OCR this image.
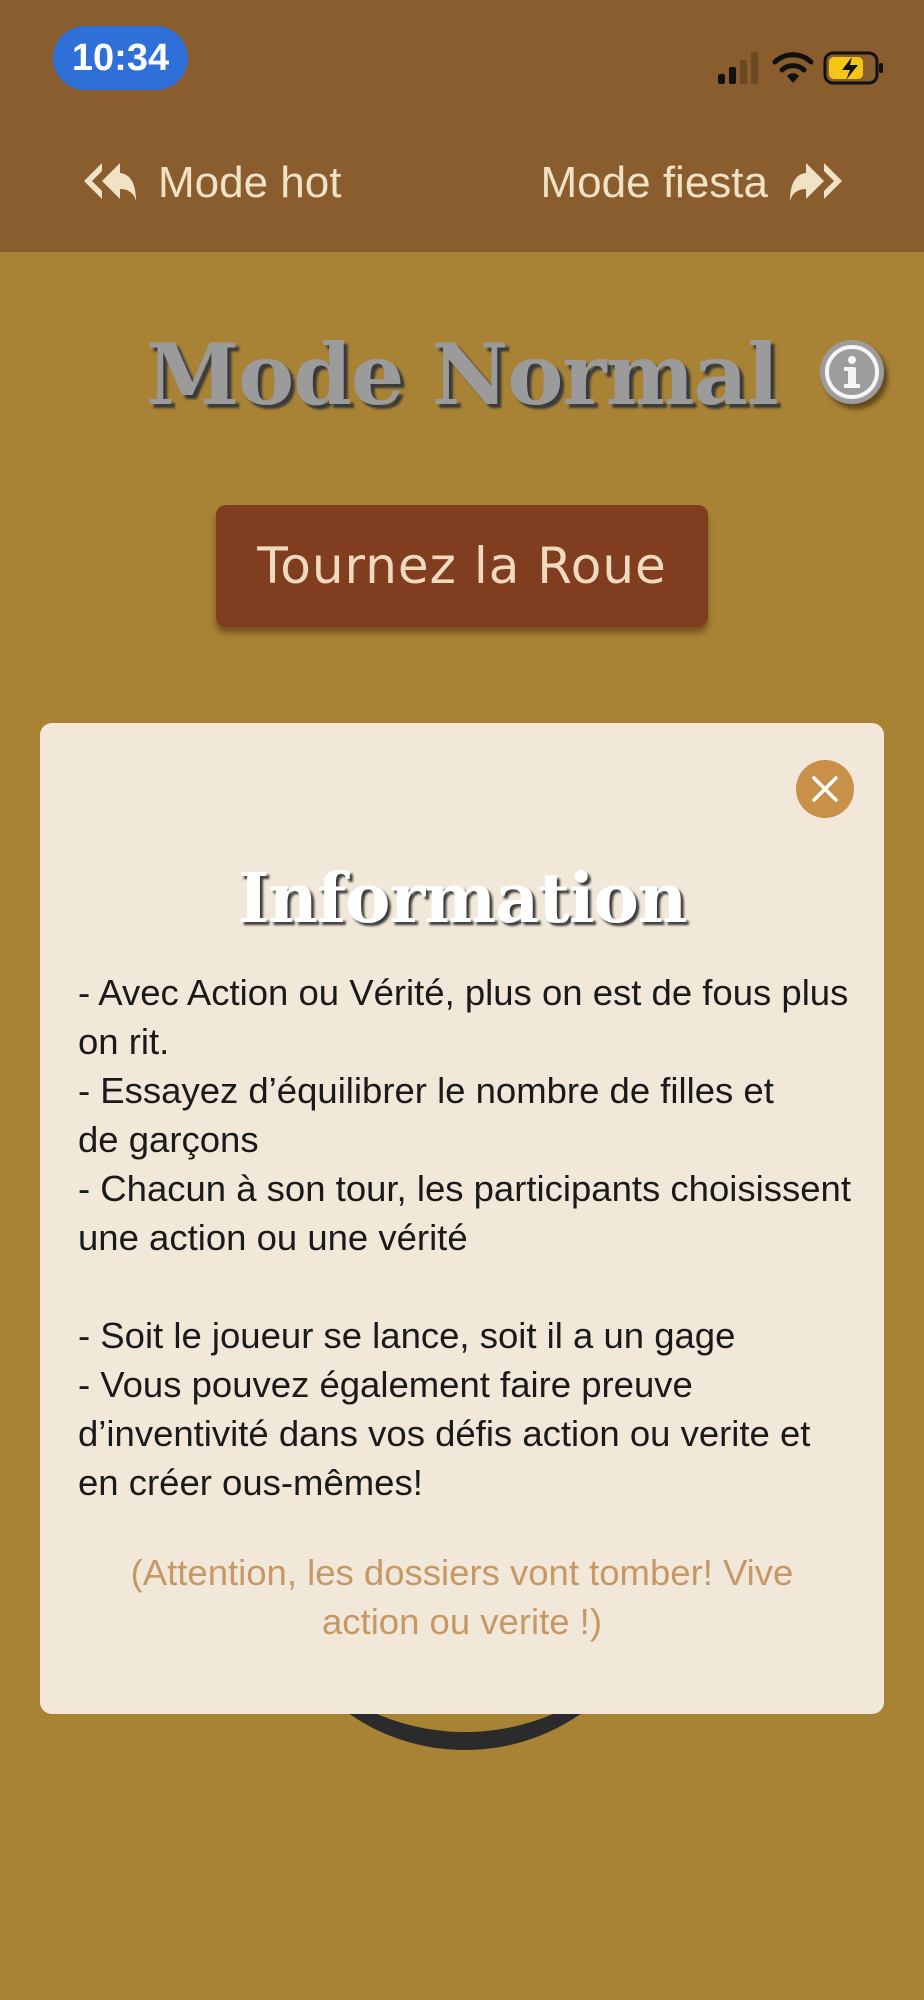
10:34
Mode hot	Mode fiesta
Mode Normal
Tournez la Roue
Information

- Avec Action ou Vérité, plus on est de fous plus on rit.

- Essayez d’équilibrer le nombre de filles et

de garçons

- Chacun à son tour, les participants choisissent une action ou une vérité

- Soit le joueur se lance, soit il a un gage

- Vous pouvez également faire preuve d’inventivité dans vos défis action ou verite et en créer ous-mêmes!

(Attention, les dossiers vont tomber! Vive action ou verite !)
